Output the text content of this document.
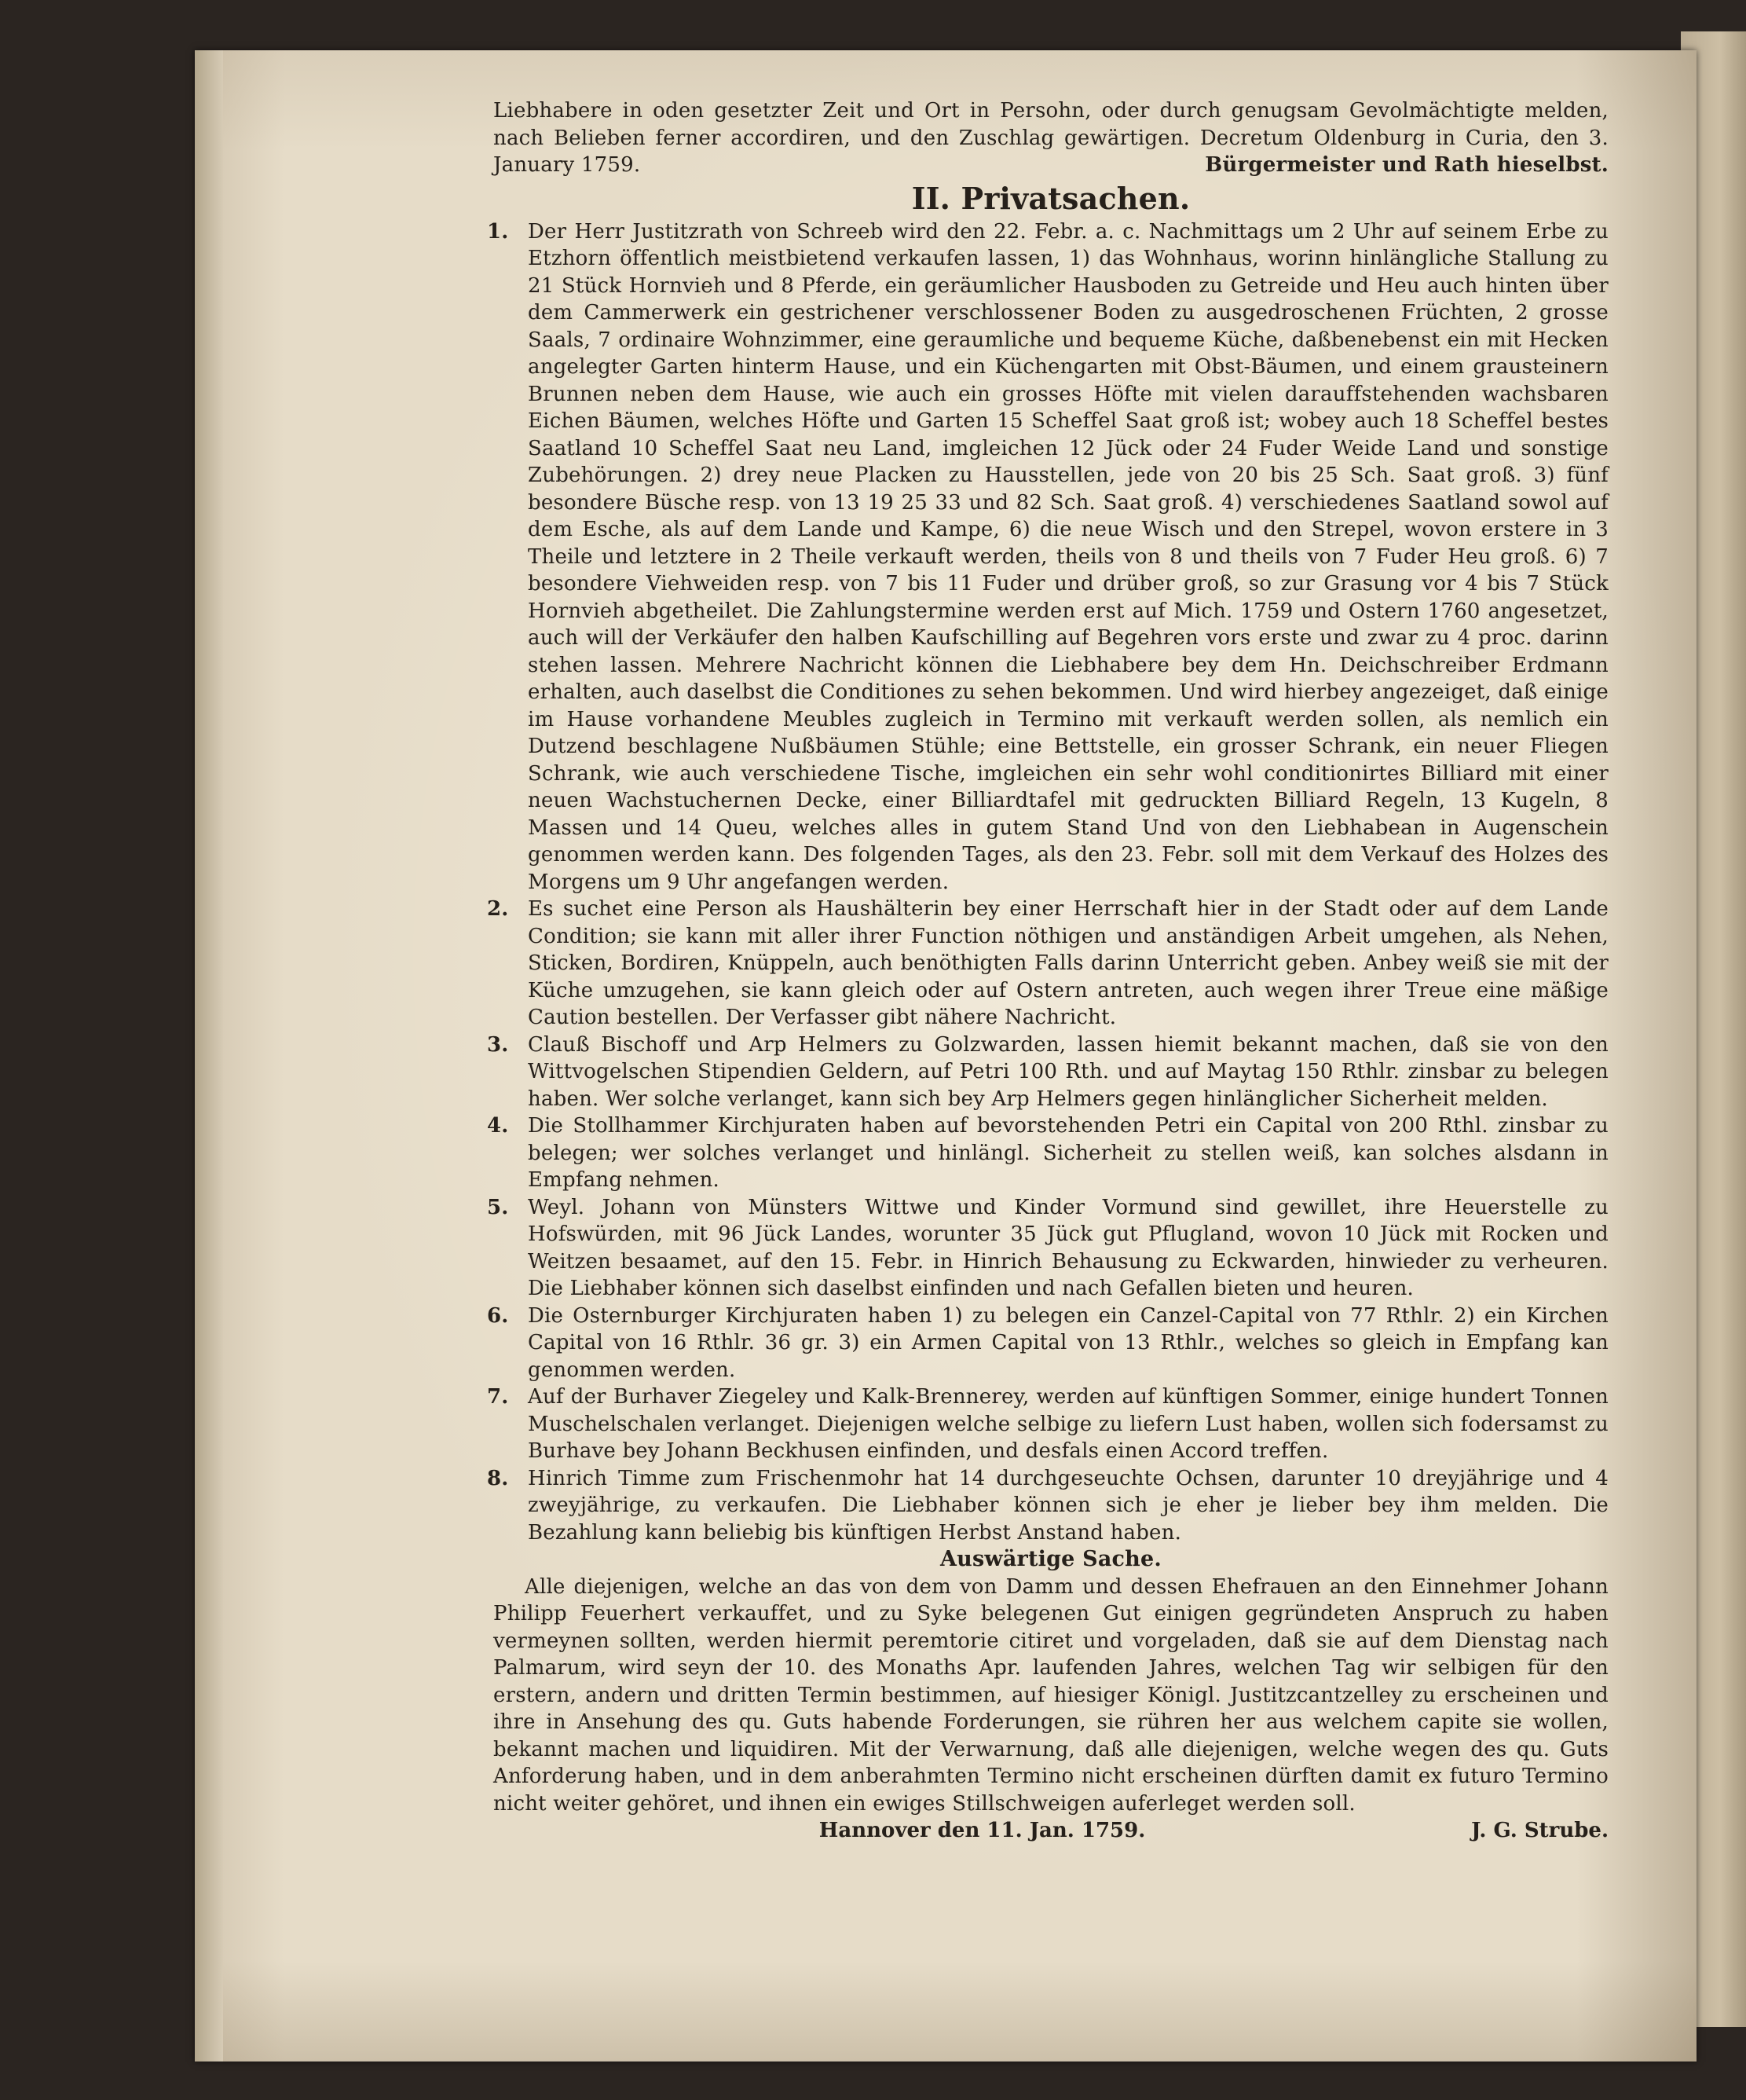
Liebhabere in oden gesetzter Zeit und Ort in Persohn, oder durch genugsam Gevolmächtigte melden, nach Belieben ferner accordiren, und den Zuschlag gewärtigen. Decretum Oldenburg in Curia, den 3. January 1759.	Bürgermeister und Rath hieselbst.

II. Privatsachen.

1. Der Herr Justitzrath von Schreeb wird den 22. Febr. a. c. Nachmittags um 2 Uhr auf seinem Erbe zu Etzhorn öffentlich meistbietend verkaufen lassen, 1) das Wohnhaus, worinn hinlängliche Stallung zu 21 Stück Hornvieh und 8 Pferde, ein geräumlicher Hausboden zu Getreide und Heu auch hinten über dem Cammerwerk ein gestrichener verschlossener Boden zu ausgedroschenen Früchten, 2 grosse Saals, 7 ordinaire Wohnzimmer, eine geraumliche und bequeme Küche, daßbenebenst ein mit Hecken angelegter Garten hinterm Hause, und ein Küchengarten mit Obst-Bäumen, und einem grausteinern Brunnen neben dem Hause, wie auch ein grosses Höfte mit vielen darauffstehenden wachsbaren Eichen Bäumen, welches Höfte und Garten 15 Scheffel Saat groß ist; wobey auch 18 Scheffel bestes Saatland 10 Scheffel Saat neu Land, imgleichen 12 Jück oder 24 Fuder Weide Land und sonstige Zubehörungen. 2) drey neue Placken zu Hausstellen, jede von 20 bis 25 Sch. Saat groß. 3) fünf besondere Büsche resp. von 13 19 25 33 und 82 Sch. Saat groß. 4) verschiedenes Saatland sowol auf dem Esche, als auf dem Lande und Kampe, 6) die neue Wisch und den Strepel, wovon erstere in 3 Theile und letztere in 2 Theile verkauft werden, theils von 8 und theils von 7 Fuder Heu groß. 6) 7 besondere Viehweiden resp. von 7 bis 11 Fuder und drüber groß, so zur Grasung vor 4 bis 7 Stück Hornvieh abgetheilet. Die Zahlungstermine werden erst auf Mich. 1759 und Ostern 1760 angesetzet, auch will der Verkäufer den halben Kaufschilling auf Begehren vors erste und zwar zu 4 proc. darinn stehen lassen. Mehrere Nachricht können die Liebhabere bey dem Hn. Deichschreiber Erdmann erhalten, auch daselbst die Conditiones zu sehen bekommen. Und wird hierbey angezeiget, daß einige im Hause vorhandene Meubles zugleich in Termino mit verkauft werden sollen, als nemlich ein Dutzend beschlagene Nußbäumen Stühle; eine Bettstelle, ein grosser Schrank, ein neuer Fliegen Schrank, wie auch verschiedene Tische, imgleichen ein sehr wohl conditionirtes Billiard mit einer neuen Wachstuchernen Decke, einer Billiardtafel mit gedruckten Billiard Regeln, 13 Kugeln, 8 Massen und 14 Queu, welches alles in gutem Stand Und von den Liebhabean in Augenschein genommen werden kann. Des folgenden Tages, als den 23. Febr. soll mit dem Verkauf des Holzes des Morgens um 9 Uhr angefangen werden.

2. Es suchet eine Person als Haushälterin bey einer Herrschaft hier in der Stadt oder auf dem Lande Condition; sie kann mit aller ihrer Function nöthigen und anständigen Arbeit umgehen, als Nehen, Sticken, Bordiren, Knüppeln, auch benöthigten Falls darinn Unterricht geben. Anbey weiß sie mit der Küche umzugehen, sie kann gleich oder auf Ostern antreten, auch wegen ihrer Treue eine mäßige Caution bestellen. Der Verfasser gibt nähere Nachricht.

3. Clauß Bischoff und Arp Helmers zu Golzwarden, lassen hiemit bekannt machen, daß sie von den Wittvogelschen Stipendien Geldern, auf Petri 100 Rth. und auf Maytag 150 Rthlr. zinsbar zu belegen haben. Wer solche verlanget, kann sich bey Arp Helmers gegen hinlänglicher Sicherheit melden.

4. Die Stollhammer Kirchjuraten haben auf bevorstehenden Petri ein Capital von 200 Rthl. zinsbar zu belegen; wer solches verlanget und hinlängl. Sicherheit zu stellen weiß, kan solches alsdann in Empfang nehmen.

5. Weyl. Johann von Münsters Wittwe und Kinder Vormund sind gewillet, ihre Heuerstelle zu Hofswürden, mit 96 Jück Landes, worunter 35 Jück gut Pflugland, wovon 10 Jück mit Rocken und Weitzen besaamet, auf den 15. Febr. in Hinrich Behausung zu Eckwarden, hinwieder zu verheuren. Die Liebhaber können sich daselbst einfinden und nach Gefallen bieten und heuren.

6. Die Osternburger Kirchjuraten haben 1) zu belegen ein Canzel-Capital von 77 Rthlr. 2) ein Kirchen Capital von 16 Rthlr. 36 gr. 3) ein Armen Capital von 13 Rthlr., welches so gleich in Empfang kan genommen werden.

7. Auf der Burhaver Ziegeley und Kalk-Brennerey, werden auf künftigen Sommer, einige hundert Tonnen Muschelschalen verlanget. Diejenigen welche selbige zu liefern Lust haben, wollen sich fodersamst zu Burhave bey Johann Beckhusen einfinden, und desfals einen Accord treffen.

8. Hinrich Timme zum Frischenmohr hat 14 durchgeseuchte Ochsen, darunter 10 dreyjährige und 4 zweyjährige, zu verkaufen. Die Liebhaber können sich je eher je lieber bey ihm melden. Die Bezahlung kann beliebig bis künftigen Herbst Anstand haben.

Auswärtige Sache.

Alle diejenigen, welche an das von dem von Damm und dessen Ehefrauen an den Einnehmer Johann Philipp Feuerhert verkauffet, und zu Syke belegenen Gut einigen gegründeten Anspruch zu haben vermeynen sollten, werden hiermit peremtorie citiret und vorgeladen, daß sie auf dem Dienstag nach Palmarum, wird seyn der 10. des Monaths Apr. laufenden Jahres, welchen Tag wir selbigen für den erstern, andern und dritten Termin bestimmen, auf hiesiger Königl. Justitzcantzelley zu erscheinen und ihre in Ansehung des qu. Guts habende Forderungen, sie rühren her aus welchem capite sie wollen, bekannt machen und liquidiren. Mit der Verwarnung, daß alle diejenigen, welche wegen des qu. Guts Anforderung haben, und in dem anberahmten Termino nicht erscheinen dürften damit ex futuro Termino nicht weiter gehöret, und ihnen ein ewiges Stillschweigen auferleget werden soll.

Hannover den 11. Jan. 1759.	J. G. Strube.
